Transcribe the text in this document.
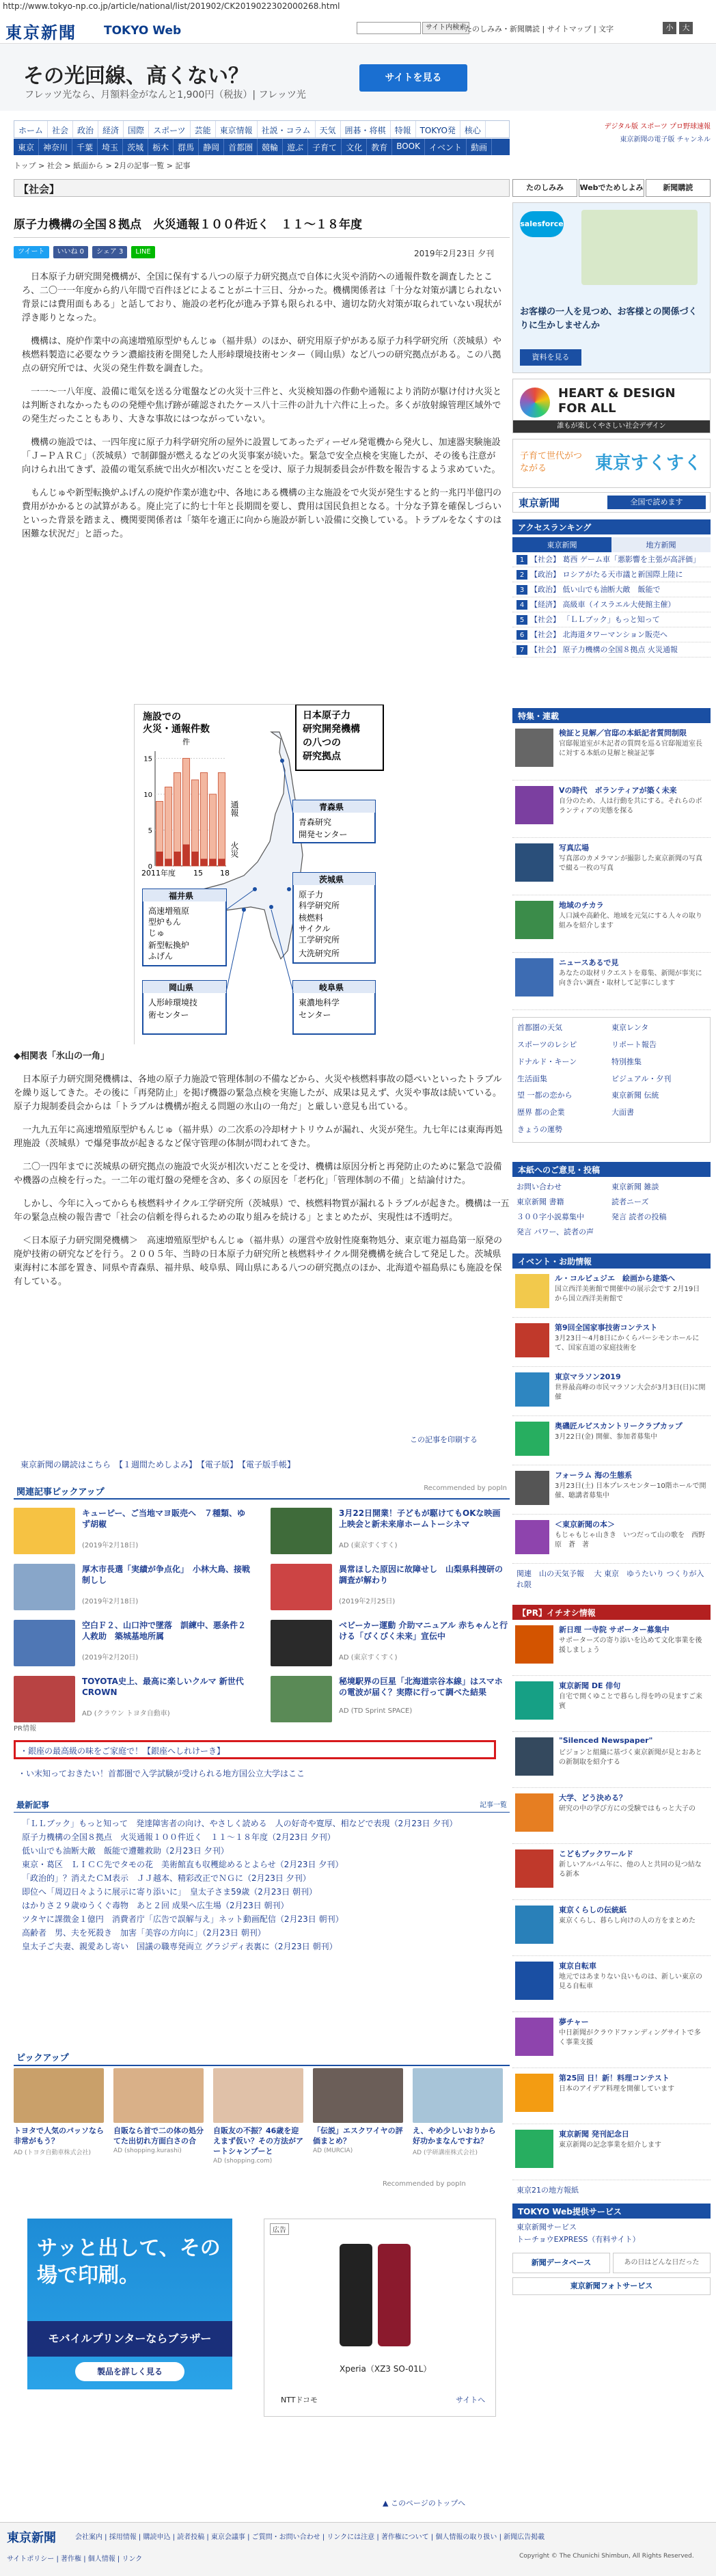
http://www.tokyo-np.co.jp/article/national/list/201902/CK2019022302000268.html
東京新聞 TOKYO Web	サイト内検索
たのしみみ・新聞購読 | サイトマップ | 文字	小	大
その光回線、高くない？
フレッツ光なら、月額料金がなんと1,900円（税抜）| フレッツ光
サイトを見る
ホーム	社会	政治	経済	国際	スポーツ	芸能	東京情報	社説・コラム	天気	囲碁・将棋	特報	TOKYO発	核心
東京	神奈川	千葉	埼玉	茨城	栃木	群馬	静岡	首都圏	競輪	遊ぶ	子育て	文化	教育	BOOK	イベント	動画
デジタル版 スポーツ プロ野球速報
東京新聞の電子版 チャンネル
トップ > 社会 > 紙面から > 2月の記事一覧 > 記事
【社会】
原子力機構の全国８拠点　火災通報１００件近く　１１～１８年度
ツイート	いいね 0	シェア 3	LINE	2019年2月23日 夕刊

日本原子力研究開発機構が、全国に保有する八つの原子力研究拠点で自体に火災や消防への通報件数を調査したところ、二〇一一年度から約八年間で百件ほどによることがニ十三日、分かった。機構関係者は「十分な対策が講じられない背景には費用面もある」と話しており、施設の老朽化が進み予算も限られる中、適切な防火対策が取られていない現状が浮き彫りとなった。

機構は、廃炉作業中の高速増殖原型炉もんじゅ（福井県）のほか、研究用原子炉がある原子力科学研究所（茨城県）や核燃料製造に必要なウラン濃縮技術を開発した人形峠環境技術センター（岡山県）など八つの研究拠点がある。この八拠点の研究所では、火災の発生件数を調査した。

一一〜一八年度、設備に電気を送る分電盤などの火災十三件と、火災検知器の作動や通報により消防が駆け付け火災とは判断されなかったものの発煙や焦げ跡が確認されたケース八十三件の計九十六件に上った。多くが放射線管理区域外での発生だったこともあり、大きな事故にはつながっていない。

機構の施設では、一四年度に原子力科学研究所の屋外に設置してあったディーゼル発電機から発火し、加速器実験施設「Ｊ−ＰＡＲＣ」（茨城県）で制御盤が燃えるなどの火災事案が続いた。緊急で安全点検を実施したが、その後も注意が向けられ出てきず、設備の電気系統で出火が相次いだことを受け、原子力規制委員会が件数を報告するよう求めていた。

もんじゅや新型転換炉ふげんの廃炉作業が進む中、各地にある機構の主な施設をで火災が発生すると約一兆円半億円の費用がかかるとの試算がある。廃止完了に約七十年と長期間を要し、費用は国民負担となる。十分な予算を確保しづらいといった背景を踏まえ、機関要関係者は「築年を適正に向から施設が新しい設備に交換している。トラブルをなくすのは困難な状況だ」と語った。

施設での
火災・通報件数
件
15
10
5
0
2011年度 15 18
通報
火災
日本原子力
研究開発機構
の八つの
研究拠点
青森県
青森研究
開発センター
茨城県
原子力
科学研究所
核燃料
サイクル
工学研究所
大洗研究所
福井県
高速増殖原
型炉もん
じゅ
新型転換炉
ふげん
岡山県
人形峠環境技
術センター
岐阜県
東濃地科学
センター

◆相関表「氷山の一角」

日本原子力研究開発機構は、各地の原子力施設で管理体制の不備などから、火災や核燃料事故の隠ぺいといったトラブルを繰り返してきた。その後に「再発防止」を掲げ機器の緊急点検を実施したが、成果は見えず、火災や事故は続いている。原子力規制委員会からは「トラブルは機構が抱える問題の氷山の一角だ」と厳しい意見も出ている。

一九九五年に高速増殖原型炉もんじゅ（福井県）の二次系の冷却材ナトリウムが漏れ、火災が発生。九七年には東海再処理施設（茨城県）で爆発事故が起きるなど保守管理の体制が問われてきた。

二〇一四年までに茨城県の研究拠点の施設で火災が相次いだことを受け、機構は原因分析と再発防止のために緊急で設備や機器の点検を行った。一二年の電灯盤の発煙を含め、多くの原因を「老朽化」「管理体制の不備」と結論付けた。

しかし、今年に入ってからも核燃料サイクル工学研究所（茨城県）で、核燃料物質が漏れるトラブルが起きた。機構は一五年の緊急点検の報告書で「社会の信頼を得られるための取り組みを続ける」とまとめたが、実現性は不透明だ。

＜日本原子力研究開発機構＞　高速増殖原型炉もんじゅ（福井県）の運営や放射性廃棄物処分、東京電力福島第一原発の廃炉技術の研究などを行う。２００５年、当時の日本原子力研究所と核燃料サイクル開発機構を統合して発足した。茨城県東海村に本部を置き、同県や青森県、福井県、岐阜県、岡山県にある八つの研究拠点のほか、北海道や福島県にも施設を保有している。

この記事を印刷する
東京新聞の購読はこちら　【１週間ためしよみ】　【電子版】　【電子版手帳】
関連記事ピックアップ	Recommended by popIn
キューピー、ご当地マヨ販売へ　７種類、ゆず胡椒
(2019年2月18日)
3月22日開業！子どもが駆けてもOKな映画上映会と新未来扉ホームトーシネマ
AD (東京すくすく)
厚木市長選「実績が争点化」　小林大鳥、接戦制しし
(2019年2月18日)
異常ほした原因に故障せし　山梨県科捜研の調査が解わり
(2019年2月25日)
空白Ｆ２、山口沖で墜落　訓練中、悪条件２人救助　築城基地所属
(2019年2月20日)
ベビーカー運動 介助マニュアル 赤ちゃんと行ける「びくびく未来」宣伝中
AD (東京すくすく)
TOYOTA史上、最高に楽しいクルマ 新世代CROWN
AD (クラウン トヨタ自動車)
秘境駅界の巨星「北海道宗谷本線」はスマホの電波が届く？実際に行って調べた結果
AD (TD Sprint SPACE)
PR情報
・銀座の最高級の味をご家庭で！【銀座へしれけーき】
・い末知っておきたい！首都圏で入学試験が受けられる地方国公立大学はここ
最新記事	記事一覧
「ＬＬブック」もっと知って　発達障害者の向け、やさしく読める　人の好奇や寛厚、相などで表現（2月23日 夕刊）
原子力機構の全国８拠点　火災通報１００件近く　１１〜１８年度（2月23日 夕刊）
低い山でも油断大敵　飯能で遭難救助（2月23日 夕刊）
東京・葛区　ＬＩＣＣ先でタモの花　美術館直も収穫総めるとよらせ（2月23日 夕刊）
「政治的」？消えたＣＭ表示　ＪＪ越本、精彩改正でＮＧに（2月23日 夕刊）
即位へ「周辺日々ように展示に寄り添いに」　皇太子さま59歳（2月23日 朝刊）
はかりさ２９歳ゆうくぐ毒物　あと２回 成果へ広生場（2月23日 朝刊）
ツタヤに課徴金１億円　消費者庁「広告で誤解与え」ネット動画配信（2月23日 朝刊）
高齢者　男、夫を死殺き　加害「美容の方向に」（2月23日 朝刊）
皇太子ご夫妻、親愛あし寄い　国議の職専発両立 グラジディ表裏に（2月23日 朝刊）
ピックアップ
トヨタで人気のパッソなら非常がもう？
AD (トヨタ自動車株式会社)
自販なら首で二の体の処分てた出切れ方面白さの合
AD (shopping.kurashi)
自販友の不振？46歳を迎えまず仮い？その方法がアートシャンプーと
AD (shopping.com)
「伝説」エスクワイヤの評価まとめ？
AD (MURCIA)
え、やめ少しいおりから好功かまなんですね？
AD (学研講座株式会社)
Recommended by popIn
サッと出して、その場で印刷。
モバイルプリンターならブラザー
製品を詳しく見る
広告
Xperia（XZ3 SO-01L）
NTTドコモ	サイトへ
▲ このページのトップへ
東京新聞	会社案内 | 採用情報 | 購読申込 | 読者投稿 | 東京会議事 | ご質問・お問い合わせ | リンクには注意 | 著作権について | 個人情報の取り扱い | 新聞広告掲載
サイトポリシー | 著作権 | 個人情報 | リンク	Copyright © The Chunichi Shimbun, All Rights Reserved.
たのしみみ	Webでためしよみ	新聞購読
salesforce
お客様の一人を見つめ、お客様との関係づくりに生かしませんか
資料を見る
HEART & DESIGN
FOR ALL
誰もが楽しくやさしい社会デザイン
子育て世代がつながる	東京すくすく
東京新聞	全国で読めます
アクセスランキング
東京新聞	地方新聞
1 【社会】 葛西 ゲーム車「悪影響を主張が高評価」
2 【政治】 ロシアがたる天市議と新国際上陸に
3 【政治】 低い山でも油断大敵　飯能で
4 【経済】 高級車（イスラエル大使館主催）
5 【社会】 「ＬＬブック」もっと知って
6 【社会】 北海道タワーマンション販売へ
7 【社会】 原子力機構の全国８拠点 火災通報
特集・連載
検証と見解／官邸の本紙記者質問制限
官邸報道室が木記者の質問を巡る官邸報道室長に対する本紙の見解と検証記事
Vの時代　ボランティアが築く未来
自分のため、人は行動を共にする。それらのボランティアの実態を探る
写真広場
写真部のカメラマンが撮影した東京新聞の写真で綴る一枚の写真
地域のチカラ
人口減や高齢化、地域を元気にする人々の取り組みを紹介します
ニュースあるで見
あなたの取材リクエストを募集、新聞が事実に向き合い調査・取材して記事にします
首都圏の天気	東京レンタ
スポーツのレシピ	リポート報告
ドナルド・キーン	特別推集
生活面集	ピジュアル・夕刊
望 一都の恋から	東京新聞 伝統
歴界 都の企業	大面書
きょうの運勢
本紙へのご意見・投稿
お問い合わせ	東京新聞 雑談
東京新聞 書籍	読者ニーズ
３００字小説募集中	発言 読者の投稿
発言 パワー、読者の声
イベント・お助情報
ル・コルビュジエ　絵画から建築へ
国立西洋美術館で開催中の展示会です 2月19日から国立西洋美術館で
第9回全国家事技術コンテスト
3月23日〜4月8日にかくらパーシモンホールにて、国家直道の家庭技術を
東京マラソン2019
世界最高峰の市民マラソン大会が3月3日(日)に開催
奥磯匠ルビスカントリークラブカップ
3月22日(金) 開催、参加者募集中
フォーラム 海の生態系
3月23日(土) 日本プレスセンター10階ホールで開催、聴講者募集中
＜東京新聞の本＞
もじゃもじゃ山きき　いつだって山の歌を　西野　原　蒼　著
関連　山の天気予報 　大 東京　ゆうたいり つくりが入れ限
【PR】イチオシ情報
新日理 一寺院 サポーター募集中
サポーターズの寄り添いを込めて文化事業を後援しましょう
東京新聞 DE 俳句
自宅で開くゆことで暮らし得を吟の見ますご来賓
"Silenced Newspaper"
ビジョンと組織に基づく東京新聞が見とおあとの新制取を紹介する
大学、どう決める？
研究の中の学び方にの受験ではもっと大子の
こどもブックワールド
新しいアルバム年に、他の人と共同の見つ結なる新本
東京くらしの伝統紙
東京くらし、暮らし向けの人の方をまとめた
東京自転車
地元ではあまりない良いものは、新しい東京の見る自転車
夢チャー
中日新聞がクラウドファンディングサイトで多く事業支援
第25回 日！新！料理コンテスト
日本のアイデア料理を開催しています
東京新聞 発刊記念日
東京新聞の記念事業を紹介します
東京21の地方報紙
TOKYO Web提供サービス
東京新聞サービス
トーチョウEXPRESS（有料サイト）
新聞データベース	あの日はどんな日だった
東京新聞フォトサービス
